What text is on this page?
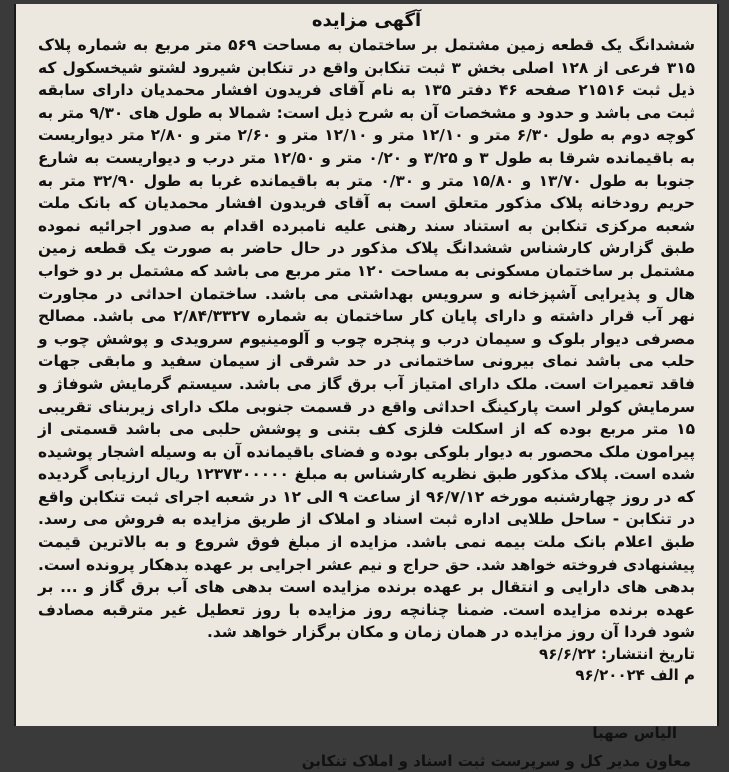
آگهی مزایده

ششدانگ یک قطعه زمین مشتمل بر ساختمان به مساحت ۵۶۹ متر مربع به شماره پلاک ۳۱۵ فرعی از ۱۲۸ اصلی بخش ۳ ثبت تنکابن واقع در تنکابن شیرود لشتو شیخسکول که ذیل ثبت ۲۱۵۱۶ صفحه ۴۶ دفتر ۱۳۵ به نام آقای فریدون افشار محمدیان دارای سابقه ثبت می باشد و حدود و مشخصات آن به شرح ذیل است: شمالا به طول های ۹/۳۰ متر به کوچه دوم به طول ۶/۳۰ متر و ۱۲/۱۰ متر و ۱۲/۱۰ متر و ۲/۶۰ متر و ۲/۸۰ متر دیواریست به باقیمانده شرقا به طول ۳ و ۳/۲۵ و ۰/۲۰ متر و ۱۲/۵۰ متر درب و دیواریست به شارع جنوبا به طول ۱۳/۷۰ و ۱۵/۸۰ متر و ۰/۳۰ متر به باقیمانده غربا به طول ۳۲/۹۰ متر به حریم رودخانه پلاک مذکور متعلق است به آقای فریدون افشار محمدیان که بانک ملت شعبه مرکزی تنکابن به استناد سند رهنی علیه نامبرده اقدام به صدور اجرائیه نموده طبق گزارش کارشناس ششدانگ پلاک مذکور در حال حاضر به صورت یک قطعه زمین مشتمل بر ساختمان مسکونی به مساحت ۱۲۰ متر مربع می باشد که مشتمل بر دو خواب هال و پذیرایی آشپزخانه و سرویس بهداشتی می باشد. ساختمان احداثی در مجاورت نهر آب قرار داشته و دارای پایان کار ساختمان به شماره ۲/۸۴/۳۳۲۷ می باشد. مصالح مصرفی دیوار بلوک و سیمان درب و پنجره چوب و آلومینیوم سرویدی و پوشش چوب و حلب می باشد نمای بیرونی ساختمانی در حد شرقی از سیمان سفید و مابقی جهات فاقد تعمیرات است. ملک دارای امتیاز آب برق گاز می باشد. سیستم گرمایش شوفاژ و سرمایش کولر است پارکینگ احداثی واقع در قسمت جنوبی ملک دارای زیربنای تقریبی ۱۵ متر مربع بوده که از اسکلت فلزی کف بتنی و پوشش حلبی می باشد قسمتی از پیرامون ملک محصور به دیوار بلوکی بوده و فضای باقیمانده آن به وسیله اشجار پوشیده شده است. پلاک مذکور طبق نظریه کارشناس به مبلغ ۱۲۳۷۳۰۰۰۰۰ ریال ارزیابی گردیده که در روز چهارشنبه مورخه ۹۶/۷/۱۲ از ساعت ۹ الی ۱۲ در شعبه اجرای ثبت تنکابن واقع در تنکابن - ساحل طلایی اداره ثبت اسناد و املاک از طریق مزایده به فروش می رسد. طبق اعلام بانک ملت بیمه نمی باشد. مزایده از مبلغ فوق شروع و به بالاترین قیمت پیشنهادی فروخته خواهد شد. حق حراج و نیم عشر اجرایی بر عهده بدهکار پرونده است. بدهی های دارایی و انتقال بر عهده برنده مزایده است بدهی های آب برق گاز و ... بر عهده برنده مزایده است. ضمنا چنانچه روز مزایده با روز تعطیل غیر مترقبه مصادف شود فردا آن روز مزایده در همان زمان و مکان برگزار خواهد شد.

تاریخ انتشار: ۹۶/۶/۲۲

م الف ۹۶/۲۰۰۲۴

الیاس صهبا

معاون مدیر کل و سرپرست ثبت اسناد و املاک تنکابن
